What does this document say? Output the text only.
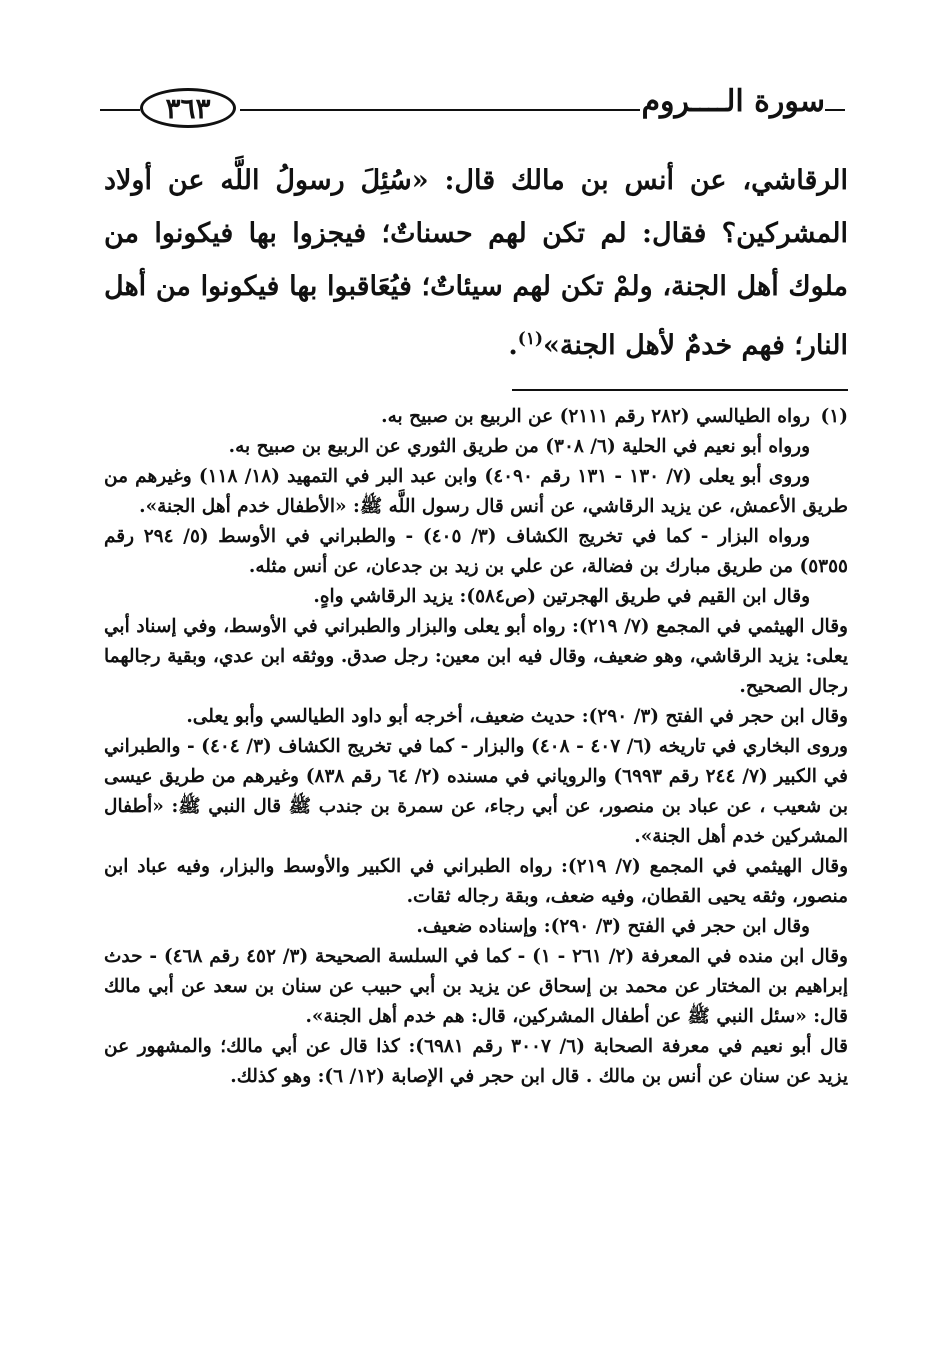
٣٦٣	سورة الــــروم

الرقاشي، عن أنس بن مالك قال: «سُئِلَ رسولُ اللَّه عن أولاد المشركين؟ فقال: لم تكن لهم حسناتٌ؛ فيجزوا بها فيكونوا من ملوك أهل الجنة، ولمْ تكن لهم سيئاتٌ؛ فيُعَاقبوا بها فيكونوا من أهل النار؛ فهم خدمٌ لأهل الجنة»$^{(١)}$.

(١)رواه الطيالسي (٢٨٢ رقم ٢١١١) عن الربيع بن صبيح به.

ورواه أبو نعيم في الحلية (٦/ ٣٠٨) من طريق الثوري عن الربيع بن صبيح به.

وروى أبو يعلى (٧/ ١٣٠ - ١٣١ رقم ٤٠٩٠) وابن عبد البر في التمهيد (١٨/ ١١٨) وغيرهم من طريق الأعمش، عن يزيد الرقاشي، عن أنس قال رسول اللَّه ﷺ: «الأطفال خدم أهل الجنة».

ورواه البزار - كما في تخريج الكشاف (٣/ ٤٠٥) - والطبراني في الأوسط (٥/ ٢٩٤ رقم ٥٣٥٥) من طريق مبارك بن فضالة، عن علي بن زيد بن جدعان، عن أنس مثله.

وقال ابن القيم في طريق الهجرتين (ص٥٨٤): يزيد الرقاشي واهٍ.

وقال الهيثمي في المجمع (٧/ ٢١٩): رواه أبو يعلى والبزار والطبراني في الأوسط، وفي إسناد أبي يعلى: يزيد الرقاشي، وهو ضعيف، وقال فيه ابن معين: رجل صدق. ووثقه ابن عدي، وبقية رجالهما رجال الصحيح.

وقال ابن حجر في الفتح (٣/ ٢٩٠): حديث ضعيف، أخرجه أبو داود الطيالسي وأبو يعلى.

وروى البخاري في تاريخه (٦/ ٤٠٧ - ٤٠٨) والبزار - كما في تخريج الكشاف (٣/ ٤٠٤) - والطبراني في الكبير (٧/ ٢٤٤ رقم ٦٩٩٣) والروياني في مسنده (٢/ ٦٤ رقم ٨٣٨) وغيرهم من طريق عيسى بن شعيب ، عن عباد بن منصور، عن أبي رجاء، عن سمرة بن جندب ﷺ قال النبي ﷺ: «أطفال المشركين خدم أهل الجنة».

وقال الهيثمي في المجمع (٧/ ٢١٩): رواه الطبراني في الكبير والأوسط والبزار، وفيه عباد ابن منصور، وثقه يحيى القطان، وفيه ضعف، وبقة رجاله ثقات.

وقال ابن حجر في الفتح (٣/ ٢٩٠): وإسناده ضعيف.

وقال ابن منده في المعرفة (٢/ ٢٦١ - ١) - كما في السلسة الصحيحة (٣/ ٤٥٢ رقم ٤٦٨) - حدث إبراهيم بن المختار عن محمد بن إسحاق عن يزيد بن أبي حبيب عن سنان بن سعد عن أبي مالك قال: «سئل النبي ﷺ عن أطفال المشركين، قال: هم خدم أهل الجنة».

قال أبو نعيم في معرفة الصحابة (٦/ ٣٠٠٧ رقم ٦٩٨١): كذا قال عن أبي مالك؛ والمشهور عن يزيد عن سنان عن أنس بن مالك . قال ابن حجر في الإصابة (١٢/ ٦): وهو كذلك.
